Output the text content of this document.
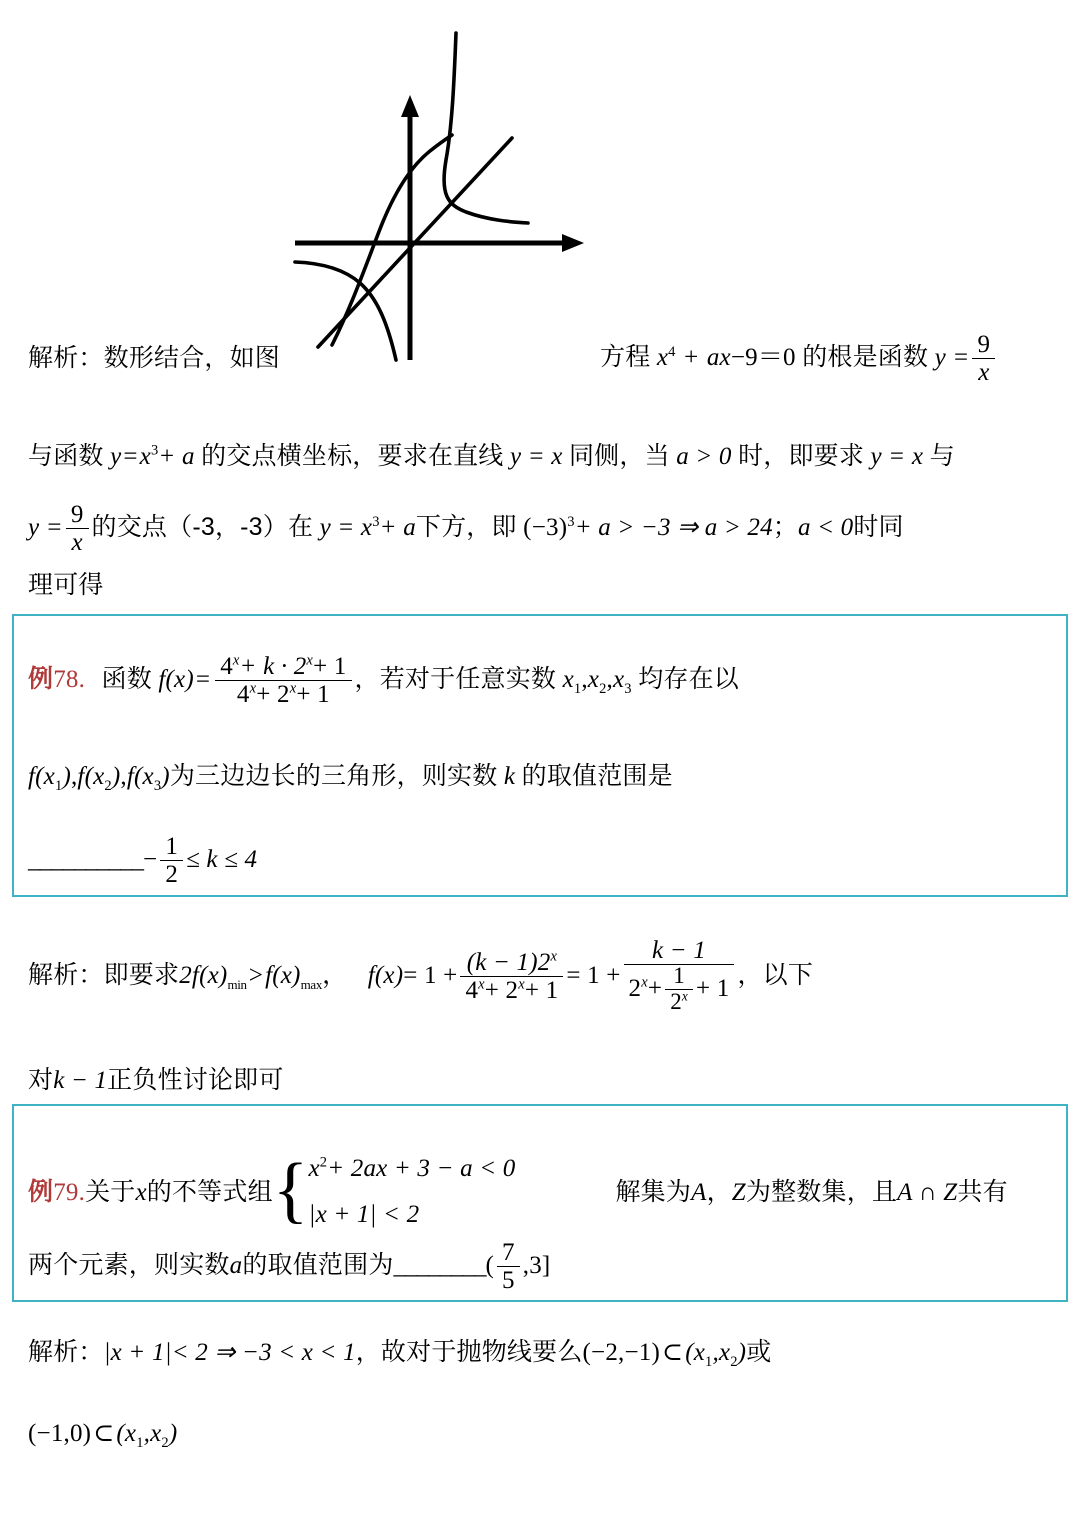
解析：数形结合，如图	方程 $x^4 + ax-9=0$ 的根是函数 $y = \frac{9}{x}$
与函数 $y=x^3+ a$ 的交点横坐标，要求在直线 y = x 同侧，当 a > 0 时，即要求 y = x 与
$y = \frac{9}{x}$ 的交点（-3，-3）在 $y = x^3+ a$下方，即 $(-3)^3+ a > -3$ ⇒ a > 24；a < 0时同
理可得
例78. 函数 $f(x)= \frac{4^x+ k \cdot 2^x+ 1}{4^x+ 2^x+ 1}$ ，若对于任意实数 $x_1,x_2,x_3$ 均存在以
$f(x_1),f(x_2),f(x_3)$为三边边长的三角形，则实数 k 的取值范围是
__________− $\frac{1}{2} \le k \le 4$
解析：即要求$2f(x)_{min}>f(x)_{max}$， $f(x)= 1 + \frac{(k - 1)2^x}{4^x+ 2^x+ 1} = 1 + \frac{k - 1}{2^x+ \frac{1}{2^x} + 1}$ ，以下
对k − 1正负性讨论即可
例79.关于x的不等式组{ $x^2+ 2ax + 3 - a < 0$
|x + 1| < 2
解集为A，Z为整数集，且A ∩ Z共有
两个元素，则实数a的取值范围为________( $\frac{7}{5} ,3$]
解析：|x + 1|< 2 ⇒ −3 < x < 1，故对于抛物线要么$(-2,-1)\subset(x_1,x_2)$或
$(-1,0)\subset(x_1,x_2)$
